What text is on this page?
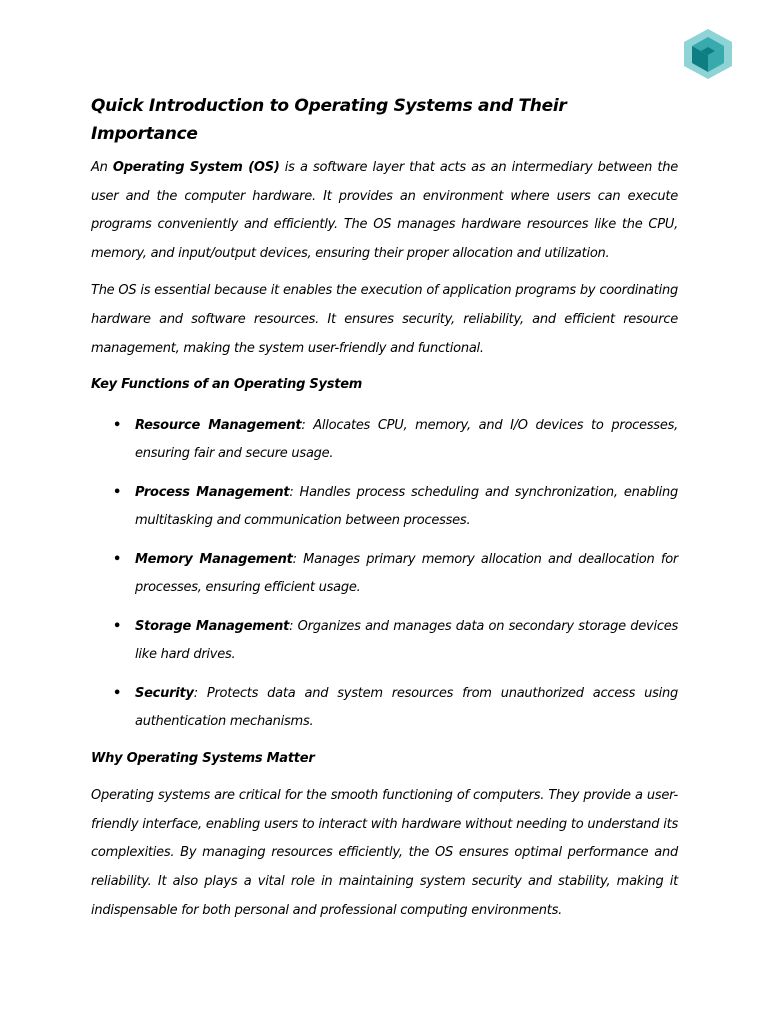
Quick Introduction to Operating Systems and Their Importance

An Operating System (OS) is a software layer that acts as an intermediary between the user and the computer hardware. It provides an environment where users can execute programs conveniently and efficiently. The OS manages hardware resources like the CPU, memory, and input/output devices, ensuring their proper allocation and utilization.

The OS is essential because it enables the execution of application programs by coordinating hardware and software resources. It ensures security, reliability, and efficient resource management, making the system user-friendly and functional.

Key Functions of an Operating System

• Resource Management: Allocates CPU, memory, and I/O devices to processes, ensuring fair and secure usage.
• Process Management: Handles process scheduling and synchronization, enabling multitasking and communication between processes.
• Memory Management: Manages primary memory allocation and deallocation for processes, ensuring efficient usage.
• Storage Management: Organizes and manages data on secondary storage devices like hard drives.
• Security: Protects data and system resources from unauthorized access using authentication mechanisms.

Why Operating Systems Matter

Operating systems are critical for the smooth functioning of computers. They provide a user-friendly interface, enabling users to interact with hardware without needing to understand its complexities. By managing resources efficiently, the OS ensures optimal performance and reliability. It also plays a vital role in maintaining system security and stability, making it indispensable for both personal and professional computing environments.
